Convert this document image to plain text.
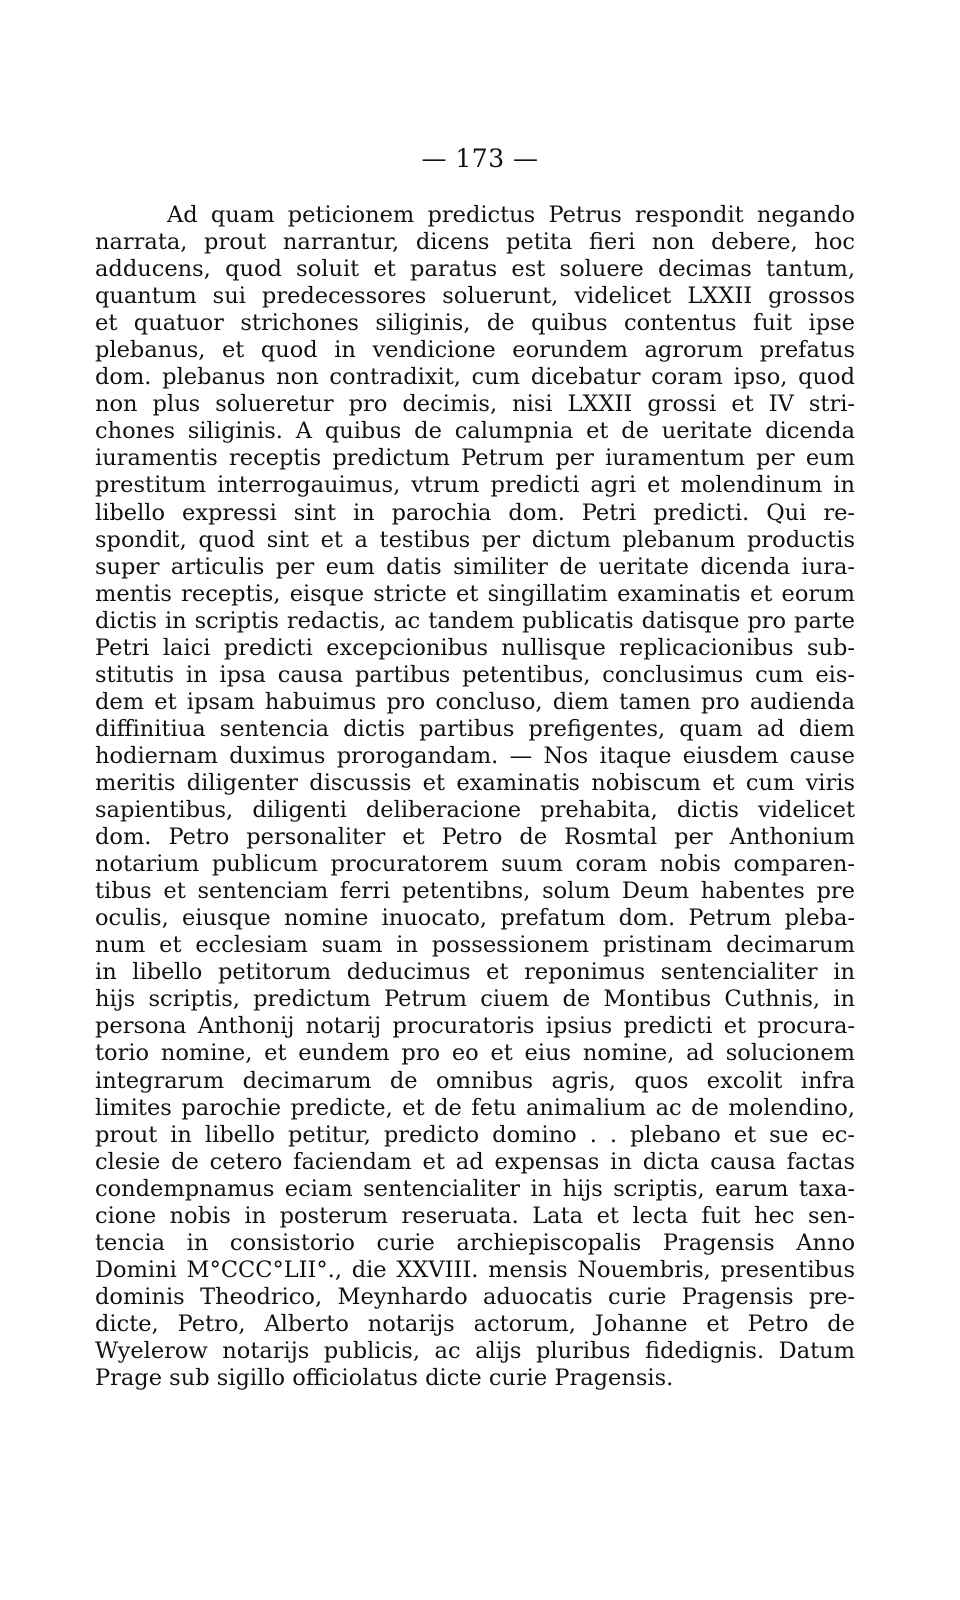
— 173 —
Ad quam peticionem predictus Petrus respondit negando
narrata, prout narrantur, dicens petita fieri non debere, hoc
adducens, quod soluit et paratus est soluere decimas tantum,
quantum sui predecessores soluerunt, videlicet LXXII grossos
et quatuor strichones siliginis, de quibus contentus fuit ipse
plebanus, et quod in vendicione eorundem agrorum prefatus
dom. plebanus non contradixit, cum dicebatur coram ipso, quod
non plus solueretur pro decimis, nisi LXXII grossi et IV stri-
chones siliginis. A quibus de calumpnia et de ueritate dicenda
iuramentis receptis predictum Petrum per iuramentum per eum
prestitum interrogauimus, vtrum predicti agri et molendinum in
libello expressi sint in parochia dom. Petri predicti. Qui re-
spondit, quod sint et a testibus per dictum plebanum productis
super articulis per eum datis similiter de ueritate dicenda iura-
mentis receptis, eisque stricte et singillatim examinatis et eorum
dictis in scriptis redactis, ac tandem publicatis datisque pro parte
Petri laici predicti excepcionibus nullisque replicacionibus sub-
stitutis in ipsa causa partibus petentibus, conclusimus cum eis-
dem et ipsam habuimus pro concluso, diem tamen pro audienda
diffinitiua sentencia dictis partibus prefigentes, quam ad diem
hodiernam duximus prorogandam. — Nos itaque eiusdem cause
meritis diligenter discussis et examinatis nobiscum et cum viris
sapientibus, diligenti deliberacione prehabita, dictis videlicet
dom. Petro personaliter et Petro de Rosmtal per Anthonium
notarium publicum procuratorem suum coram nobis comparen-
tibus et sentenciam ferri petentibns, solum Deum habentes pre
oculis, eiusque nomine inuocato, prefatum dom. Petrum pleba-
num et ecclesiam suam in possessionem pristinam decimarum
in libello petitorum deducimus et reponimus sentencialiter in
hijs scriptis, predictum Petrum ciuem de Montibus Cuthnis, in
persona Anthonij notarij procuratoris ipsius predicti et procura-
torio nomine, et eundem pro eo et eius nomine, ad solucionem
integrarum decimarum de omnibus agris, quos excolit infra
limites parochie predicte, et de fetu animalium ac de molendino,
prout in libello petitur, predicto domino . . plebano et sue ec-
clesie de cetero faciendam et ad expensas in dicta causa factas
condempnamus eciam sentencialiter in hijs scriptis, earum taxa-
cione nobis in posterum reseruata. Lata et lecta fuit hec sen-
tencia in consistorio curie archiepiscopalis Pragensis Anno
Domini M°CCC°LII°., die XXVIII. mensis Nouembris, presentibus
dominis Theodrico, Meynhardo aduocatis curie Pragensis pre-
dicte, Petro, Alberto notarijs actorum, Johanne et Petro de
Wyelerow notarijs publicis, ac alijs pluribus fidedignis. Datum
Prage sub sigillo officiolatus dicte curie Pragensis.
